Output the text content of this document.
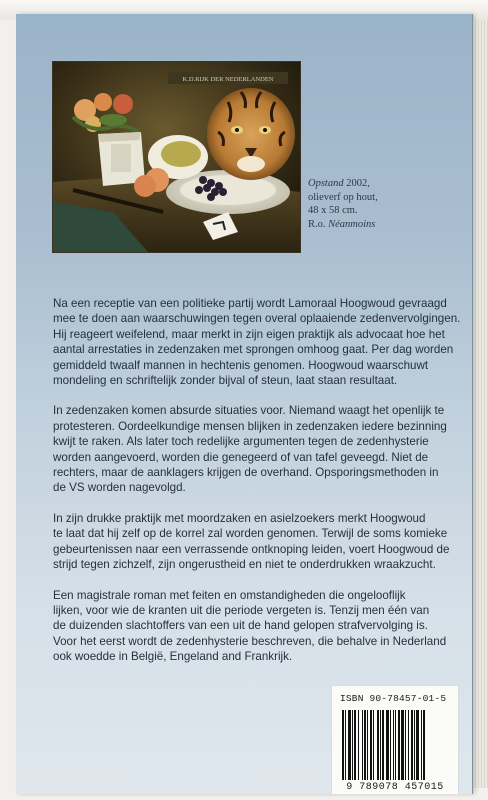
K.D.RIJK DER NEDERLANDEN
Opstand 2002,
olieverf op hout,
48 x 58 cm.
R.o. Néanmoins

Na een receptie van een politieke partij wordt Lamoraal Hoogwoud gevraagd
mee te doen aan waarschuwingen tegen overal oplaaiende zedenvervolgingen.
Hij reageert weifelend, maar merkt in zijn eigen praktijk als advocaat hoe het
aantal arrestaties in zedenzaken met sprongen omhoog gaat. Per dag worden
gemiddeld twaalf mannen in hechtenis genomen. Hoogwoud waarschuwt
mondeling en schriftelijk zonder bijval of steun, laat staan resultaat.

In zedenzaken komen absurde situaties voor. Niemand waagt het openlijk te
protesteren. Oordeelkundige mensen blijken in zedenzaken iedere bezinning
kwijt te raken. Als later toch redelijke argumenten tegen de zedenhysterie
worden aangevoerd, worden die genegeerd of van tafel geveegd. Niet de
rechters, maar de aanklagers krijgen de overhand. Opsporingsmethoden in
de VS worden nagevolgd.

In zijn drukke praktijk met moordzaken en asielzoekers merkt Hoogwoud
te laat dat hij zelf op de korrel zal worden genomen. Terwijl de soms komieke
gebeurtenissen naar een verrassende ontknoping leiden, voert Hoogwoud de
strijd tegen zichzelf, zijn ongerustheid en niet te onderdrukken wraakzucht.

Een magistrale roman met feiten en omstandigheden die ongelooflijk
lijken, voor wie de kranten uit die periode vergeten is. Tenzij men één van
de duizenden slachtoffers van een uit de hand gelopen strafvervolging is.
Voor het eerst wordt de zedenhysterie beschreven, die behalve in Nederland
ook woedde in België, Engeland and Frankrijk.

ISBN 90-78457-01-5
9 789078 457015
